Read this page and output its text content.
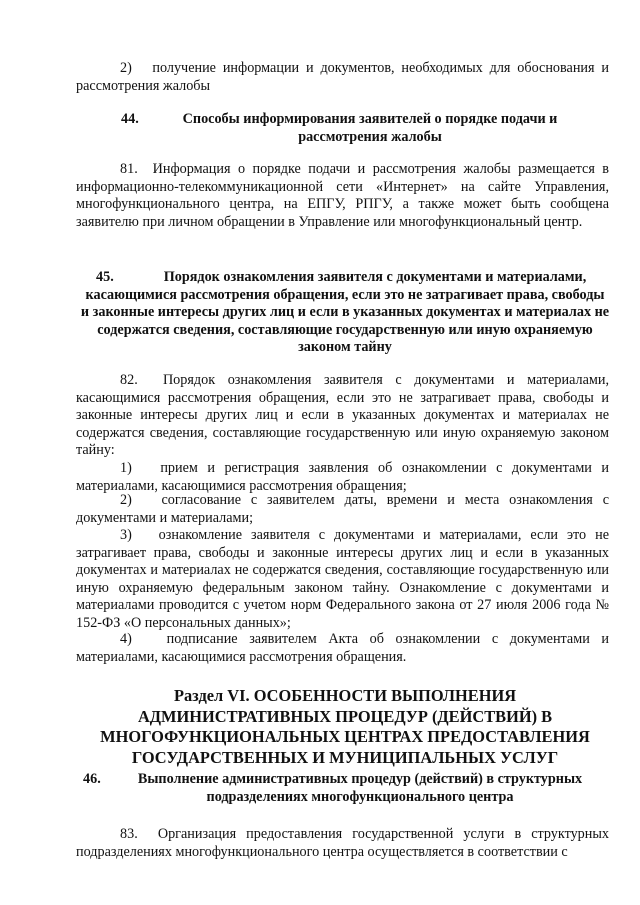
2)   получение информации и документов, необходимых для обоснования и рассмотрения жалобы
44.	Способы информирования заявителей о порядке подачи и рассмотрения жалобы
81.  Информация о порядке подачи и рассмотрения жалобы размещается в информационно-телекоммуникационной сети «Интернет» на сайте Управления, многофункционального центра, на ЕПГУ, РПГУ, а также может быть сообщена заявителю при личном обращении в Управление или многофункциональный центр.
45.	Порядок ознакомления заявителя с документами и материалами, касающимися рассмотрения обращения, если это не затрагивает права, свободы и законные интересы других лиц и если в указанных документах и материалах не содержатся сведения, составляющие государственную или иную охраняемую законом тайну
82.  Порядок ознакомления заявителя с документами и материалами, касающимися рассмотрения обращения, если это не затрагивает права, свободы и законные интересы других лиц и если в указанных документах и материалах не содержатся сведения, составляющие государственную или иную охраняемую законом тайну:
1)   прием и регистрация заявления об ознакомлении с документами и материалами, касающимися рассмотрения обращения;
2)   согласование с заявителем даты, времени и места ознакомления с документами и материалами;
3)   ознакомление заявителя с документами и материалами, если это не затрагивает права, свободы и законные интересы других лиц и если в указанных документах и материалах не содержатся сведения, составляющие государственную или иную охраняемую федеральным законом тайну. Ознакомление с документами и материалами проводится с учетом норм Федерального закона от 27 июля 2006 года № 152-ФЗ «О персональных данных»;
4)   подписание заявителем Акта об ознакомлении с документами и материалами, касающимися рассмотрения обращения.
Раздел VI. ОСОБЕННОСТИ ВЫПОЛНЕНИЯ АДМИНИСТРАТИВНЫХ ПРОЦЕДУР (ДЕЙСТВИЙ) В МНОГОФУНКЦИОНАЛЬНЫХ ЦЕНТРАХ ПРЕДОСТАВЛЕНИЯ ГОСУДАРСТВЕННЫХ И МУНИЦИПАЛЬНЫХ УСЛУГ
46.	Выполнение административных процедур (действий) в структурных подразделениях многофункционального центра
83.  Организация предоставления государственной услуги в структурных подразделениях многофункционального центра осуществляется в соответствии с
